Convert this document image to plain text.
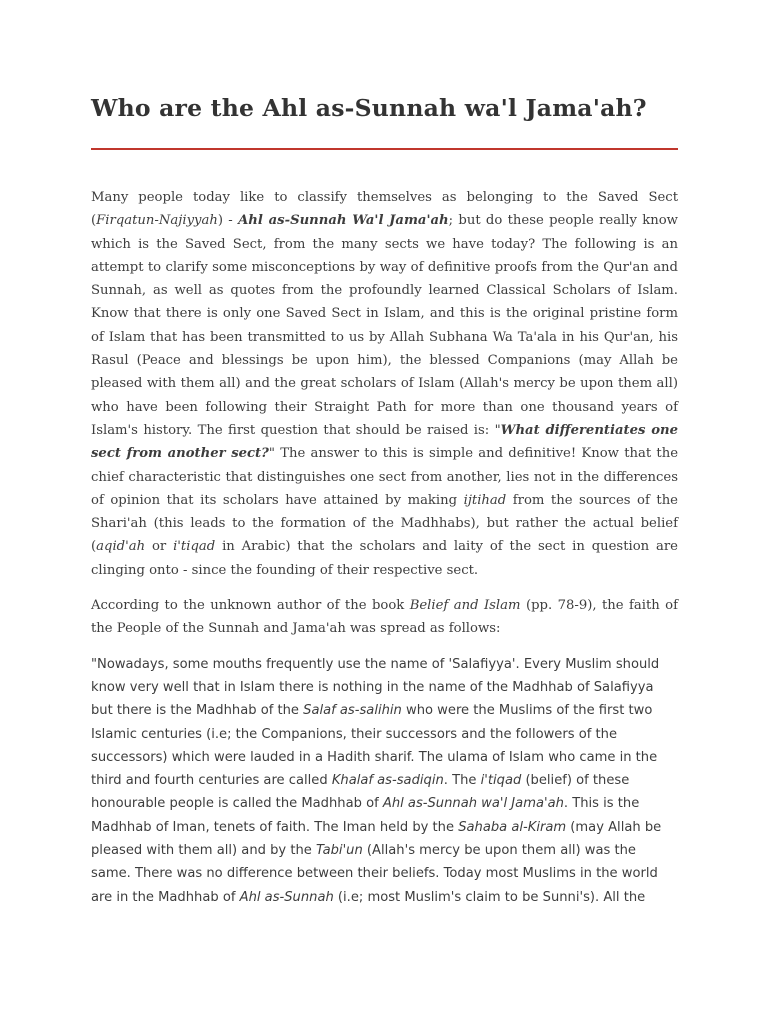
Who are the Ahl as-Sunnah wa'l Jama'ah?

Many people today like to classify themselves as belonging to the Saved Sect (Firqatun-Najiyyah) - Ahl as-Sunnah Wa'l Jama'ah; but do these people really know which is the Saved Sect, from the many sects we have today? The following is an attempt to clarify some misconceptions by way of definitive proofs from the Qur'an and Sunnah, as well as quotes from the profoundly learned Classical Scholars of Islam. Know that there is only one Saved Sect in Islam, and this is the original pristine form of Islam that has been transmitted to us by Allah Subhana Wa Ta'ala in his Qur'an, his Rasul (Peace and blessings be upon him), the blessed Companions (may Allah be pleased with them all) and the great scholars of Islam (Allah's mercy be upon them all) who have been following their Straight Path for more than one thousand years of Islam's history. The first question that should be raised is: "What differentiates one sect from another sect?" The answer to this is simple and definitive! Know that the chief characteristic that distinguishes one sect from another, lies not in the differences of opinion that its scholars have attained by making ijtihad from the sources of the Shari'ah (this leads to the formation of the Madhhabs), but rather the actual belief (aqid'ah or i'tiqad in Arabic) that the scholars and laity of the sect in question are clinging onto - since the founding of their respective sect.

According to the unknown author of the book Belief and Islam (pp. 78-9), the faith of the People of the Sunnah and Jama'ah was spread as follows:

"Nowadays, some mouths frequently use the name of 'Salafiyya'. Every Muslim should know very well that in Islam there is nothing in the name of the Madhhab of Salafiyya but there is the Madhhab of the Salaf as-salihin who were the Muslims of the first two Islamic centuries (i.e; the Companions, their successors and the followers of the successors) which were lauded in a Hadith sharif. The ulama of Islam who came in the third and fourth centuries are called Khalaf as-sadiqin. The i'tiqad (belief) of these honourable people is called the Madhhab of Ahl as-Sunnah wa'l Jama'ah. This is the Madhhab of Iman, tenets of faith. The Iman held by the Sahaba al-Kiram (may Allah be pleased with them all) and by the Tabi'un (Allah's mercy be upon them all) was the same. There was no difference between their beliefs. Today most Muslims in the world are in the Madhhab of Ahl as-Sunnah (i.e; most Muslim's claim to be Sunni's). All the
